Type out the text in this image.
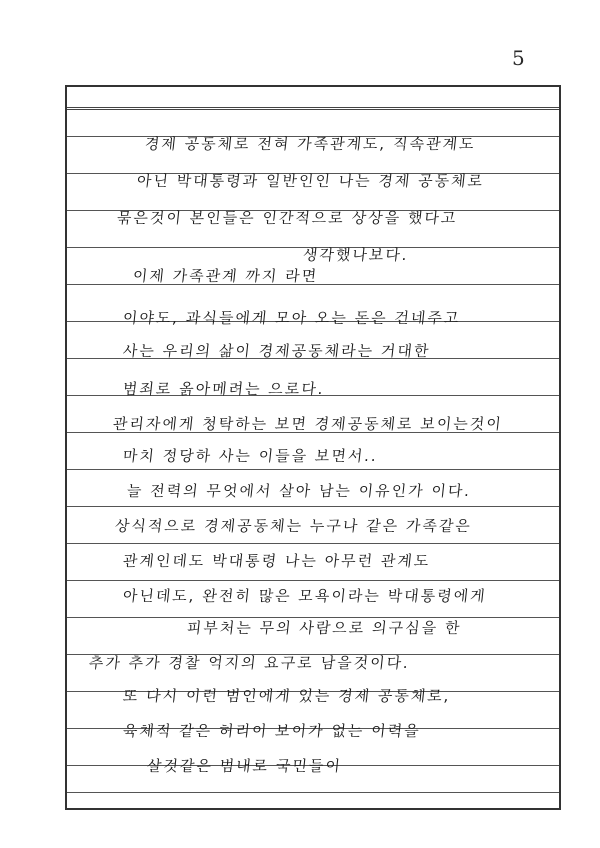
5
경제 공동체로 전혀 가족관계도, 직속관계도
아닌 박대통령과 일반인인 나는 경제 공동체로
묶은것이 본인들은 인간적으로 상상을 했다고
생각했나보다.
이제 가족관계 까지 라면
이야도, 과식들에게 모아 오는 돈은 건네주고
사는 우리의 삶이 경제공동체라는 거대한
범죄로 옭아메려는 으로다.
관리자에게 청탁하는 보면 경제공동체로 보이는것이
마치 정당하 사는 이들을 보면서..
늘 전력의 무엇에서 살아 남는 이유인가 이다.
상식적으로 경제공동체는 누구나 같은 가족같은
관계인데도 박대통령 나는 아무런 관계도
아닌데도, 완전히 많은 모욕이라는 박대통령에게
피부처는 무의 사람으로 의구심을 한
추가 추가 경찰 억지의 요구로 남을것이다.
또 다시 이런 범인에게 있는 경제 공동체로,
육체적 같은 허리이 보이가 없는 이력을
살것같은 범내로 국민들이
